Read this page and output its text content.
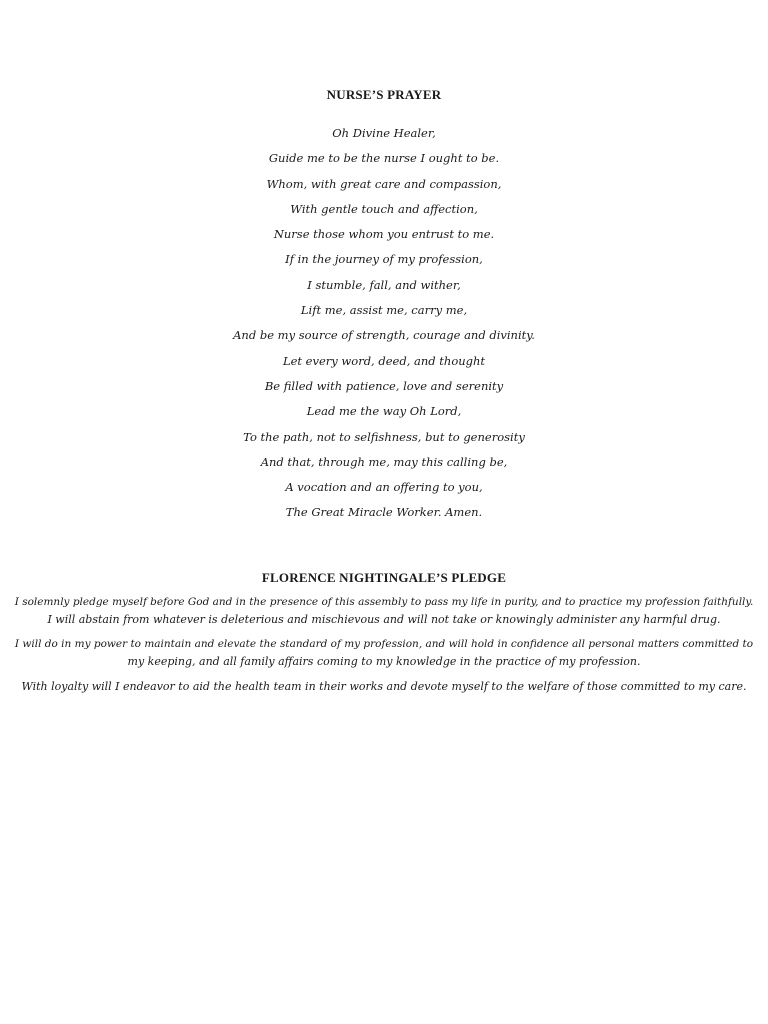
NURSE’S PRAYER
Oh Divine Healer,
Guide me to be the nurse I ought to be.
Whom, with great care and compassion,
With gentle touch and affection,
Nurse those whom you entrust to me.
If in the journey of my profession,
I stumble, fall, and wither,
Lift me, assist me, carry me,
And be my source of strength, courage and divinity.
Let every word, deed, and thought
Be filled with patience, love and serenity
Lead me the way Oh Lord,
To the path, not to selfishness, but to generosity
And that, through me, may this calling be,
A vocation and an offering to you,
The Great Miracle Worker. Amen.
FLORENCE NIGHTINGALE’S PLEDGE

I solemnly pledge myself before God and in the presence of this assembly to pass my life in purity, and to practice my profession faithfully.
I will abstain from whatever is deleterious and mischievous and will not take or knowingly administer any harmful drug.

I will do in my power to maintain and elevate the standard of my profession, and will hold in confidence all personal matters committed to
my keeping, and all family affairs coming to my knowledge in the practice of my profession.

With loyalty will I endeavor to aid the health team in their works and devote myself to the welfare of those committed to my care.
